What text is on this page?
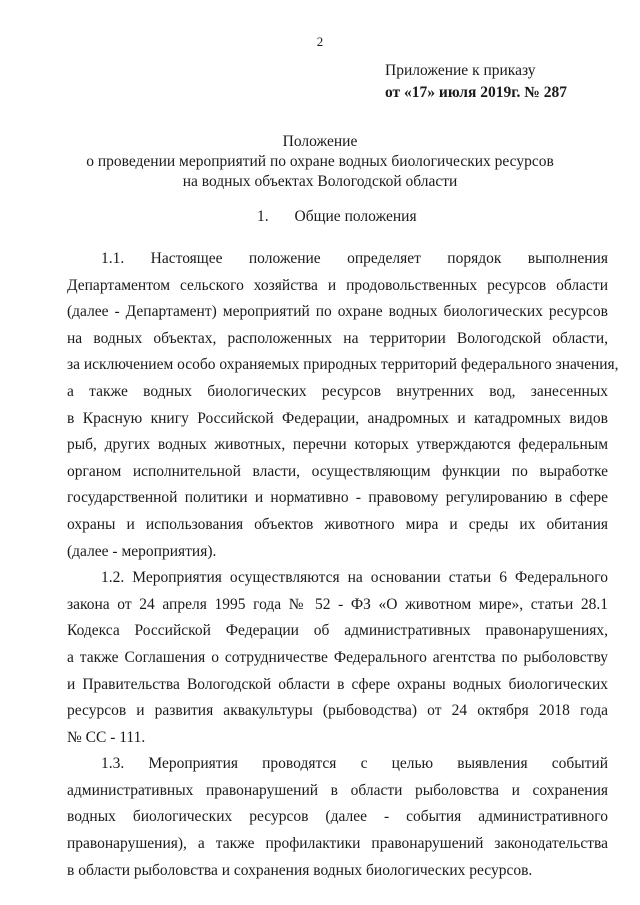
2
Приложение к приказу
от «17» июля 2019г. № 287
Положение
о проведении мероприятий по охране водных биологических ресурсов
на водных объектах Вологодской области
1. Общие положения

1.1. Настоящее положение определяет порядок выполнения
Департаментом сельского хозяйства и продовольственных ресурсов области
(далее - Департамент) мероприятий по охране водных биологических ресурсов
на водных объектах, расположенных на территории Вологодской области,
за исключением особо охраняемых природных территорий федерального значения,
а также водных биологических ресурсов внутренних вод, занесенных
в Красную книгу Российской Федерации, анадромных и катадромных видов
рыб, других водных животных, перечни которых утверждаются федеральным
органом исполнительной власти, осуществляющим функции по выработке
государственной политики и нормативно - правовому регулированию в сфере
охраны и использования объектов животного мира и среды их обитания
(далее - мероприятия).

1.2. Мероприятия осуществляются на основании статьи 6 Федерального
закона от 24 апреля 1995 года № 52 - ФЗ «О животном мире», статьи 28.1
Кодекса Российской Федерации об административных правонарушениях,
а также Соглашения о сотрудничестве Федерального агентства по рыболовству
и Правительства Вологодской области в сфере охраны водных биологических
ресурсов и развития аквакультуры (рыбоводства) от 24 октября 2018 года
№ СС - 111.

1.3. Мероприятия проводятся с целью выявления событий
административных правонарушений в области рыболовства и сохранения
водных биологических ресурсов (далее - события административного
правонарушения), а также профилактики правонарушений законодательства
в области рыболовства и сохранения водных биологических ресурсов.
